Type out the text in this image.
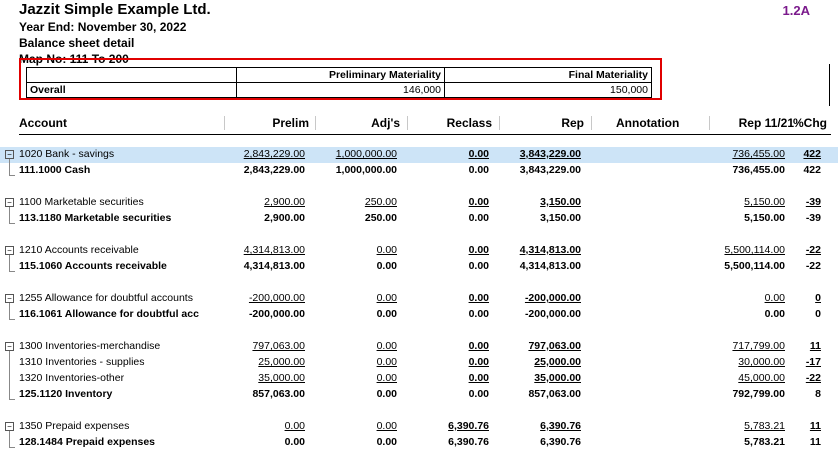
Jazzit Simple Example Ltd.
Year End: November 30, 2022
Balance sheet detail
Map No: 111 To 200
1.2A
	Preliminary Materiality	Final Materiality
Overall	146,000	150,000
Account	Prelim	Adj's	Reclass	Rep	Annotation	Rep 11/21 %Chg
− 1020 Bank - savings	2,843,229.00	1,000,000.00	0.00	3,843,229.00	736,455.00 422
111.1000 Cash	2,843,229.00	1,000,000.00	0.00	3,843,229.00	736,455.00 422
− 1100 Marketable securities	2,900.00	250.00	0.00	3,150.00	5,150.00 -39
113.1180 Marketable securities	2,900.00	250.00	0.00	3,150.00	5,150.00 -39
− 1210 Accounts receivable	4,314,813.00	0.00	0.00	4,314,813.00	5,500,114.00 -22
115.1060 Accounts receivable	4,314,813.00	0.00	0.00	4,314,813.00	5,500,114.00 -22
− 1255 Allowance for doubtful accounts	-200,000.00	0.00	0.00	-200,000.00	0.00	0
116.1061 Allowance for doubtful acc	-200,000.00	0.00	0.00	-200,000.00	0.00	0
− 1300 Inventories-merchandise	797,063.00	0.00	0.00	797,063.00	717,799.00 11
1310 Inventories - supplies	25,000.00	0.00	0.00	25,000.00	30,000.00 -17
1320 Inventories-other	35,000.00	0.00	0.00	35,000.00	45,000.00 -22
125.1120 Inventory	857,063.00	0.00	0.00	857,063.00	792,799.00	8
− 1350 Prepaid expenses	0.00	0.00	6,390.76	6,390.76	5,783.21 11
128.1484 Prepaid expenses	0.00	0.00	6,390.76	6,390.76	5,783.21 11
